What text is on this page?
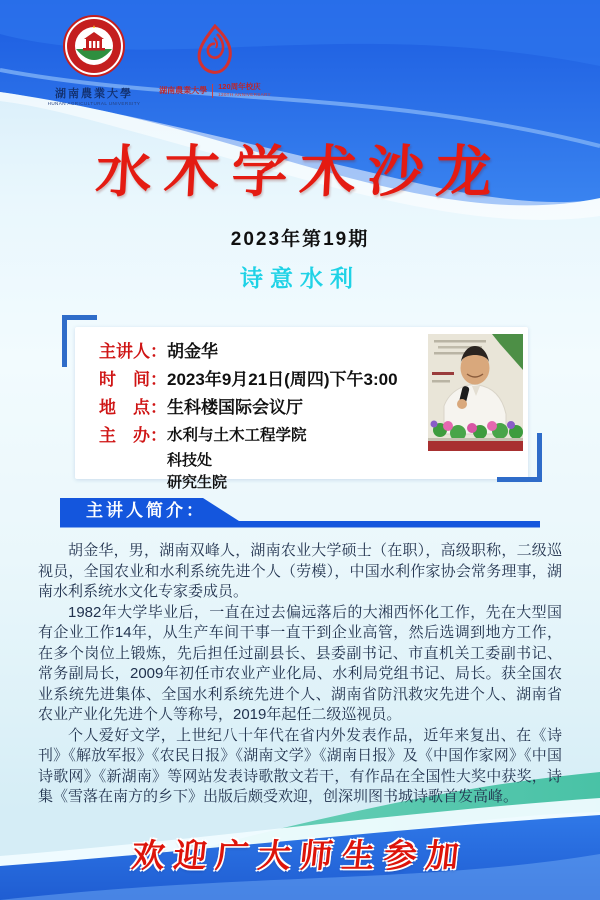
湖南農業大學
HUNAN AGRICULTURAL UNIVERSITY
湖南農業大學 120周年校庆
120TH ANNIVERSARY
水木学术沙龙
2023年第19期
诗意水利
主讲人： 胡金华
时　间： 2023年9月21日(周四)下午3:00
地　点： 生科楼国际会议厅
主　办： 水利与土木工程学院
科技处
研究生院
主讲人简介：

胡金华，男，湖南双峰人，湖南农业大学硕士（在职），高级职称，二级巡视员，全国农业和水利系统先进个人（劳模），中国水利作家协会常务理事，湖南水利系统水文化专家委成员。

1982年大学毕业后，一直在过去偏远落后的大湘西怀化工作，先在大型国有企业工作14年，从生产车间干事一直干到企业高管，然后选调到地方工作，在多个岗位上锻炼，先后担任过副县长、县委副书记、市直机关工委副书记、常务副局长，2009年初任市农业产业化局、水利局党组书记、局长。获全国农业系统先进集体、全国水利系统先进个人、湖南省防汛救灾先进个人、湖南省农业产业化先进个人等称号，2019年起任二级巡视员。

个人爱好文学，上世纪八十年代在省内外发表作品，近年来复出、在《诗刊》《解放军报》《农民日报》《湖南文学》《湖南日报》及《中国作家网》《中国诗歌网》《新湖南》等网站发表诗歌散文若干，有作品在全国性大奖中获奖，诗集《雪落在南方的乡下》出版后颇受欢迎，创深圳图书城诗歌首发高峰。

欢迎广大师生参加
